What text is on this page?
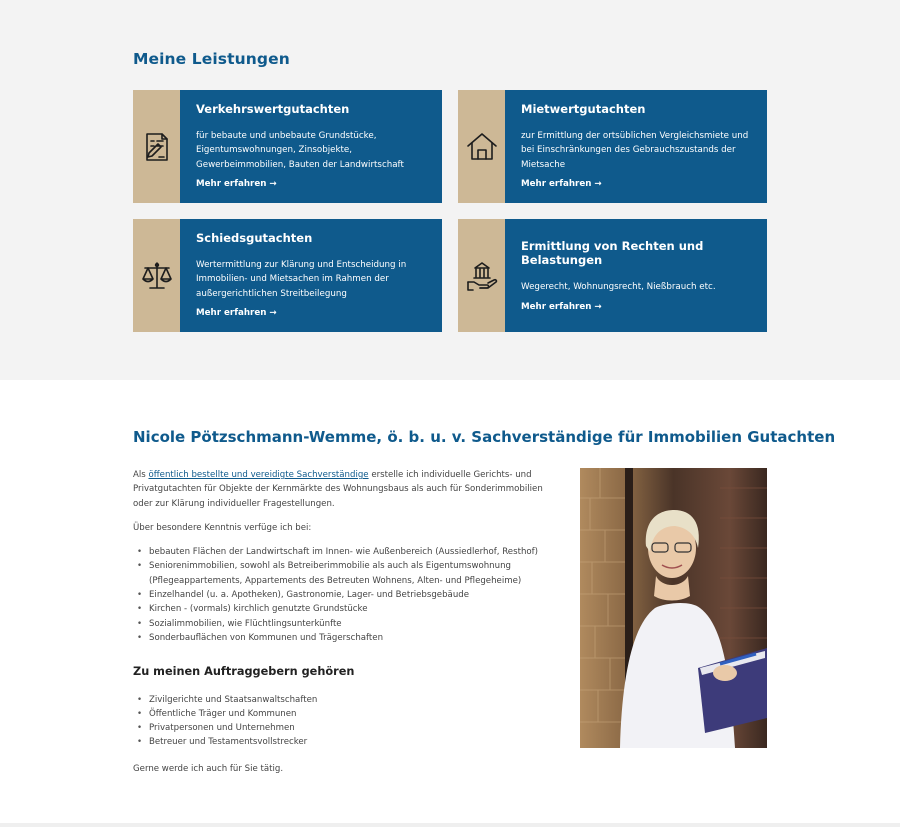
Meine Leistungen
Verkehrswertgutachten

für bebaute und unbebaute Grundstücke, Eigentumswohnungen, Zinsobjekte, Gewerbeimmobilien, Bauten der Landwirtschaft

Mehr erfahren →
Mietwertgutachten

zur Ermittlung der ortsüblichen Vergleichsmiete und bei Einschränkungen des Gebrauchszustands der Mietsache

Mehr erfahren →
Schiedsgutachten

Wertermittlung zur Klärung und Entscheidung in Immobilien- und Mietsachen im Rahmen der außergerichtlichen Streitbeilegung

Mehr erfahren →
Ermittlung von Rechten und Belastungen

Wegerecht, Wohnungsrecht, Nießbrauch etc.

Mehr erfahren →
Nicole Pötzschmann-Wemme, ö. b. u. v. Sachverständige für Immobilien Gutachten

Als öffentlich bestellte und vereidigte Sachverständige erstelle ich individuelle Gerichts- und Privatgutachten für Objekte der Kernmärkte des Wohnungsbaus als auch für Sonderimmobilien oder zur Klärung individueller Fragestellungen.

Über besondere Kenntnis verfüge ich bei:

• bebauten Flächen der Landwirtschaft im Innen- wie Außenbereich (Aussiedlerhof, Resthof)
• Seniorenimmobilien, sowohl als Betreiberimmobilie als auch als Eigentumswohnung (Pflegeappartements, Appartements des Betreuten Wohnens, Alten- und Pflegeheime)
• Einzelhandel (u. a. Apotheken), Gastronomie, Lager- und Betriebsgebäude
• Kirchen - (vormals) kirchlich genutzte Grundstücke
• Sozialimmobilien, wie Flüchtlingsunterkünfte
• Sonderbauflächen von Kommunen und Trägerschaften
Zu meinen Auftraggebern gehören
• Zivilgerichte und Staatsanwaltschaften
• Öffentliche Träger und Kommunen
• Privatpersonen und Unternehmen
• Betreuer und Testamentsvollstrecker

Gerne werde ich auch für Sie tätig.
